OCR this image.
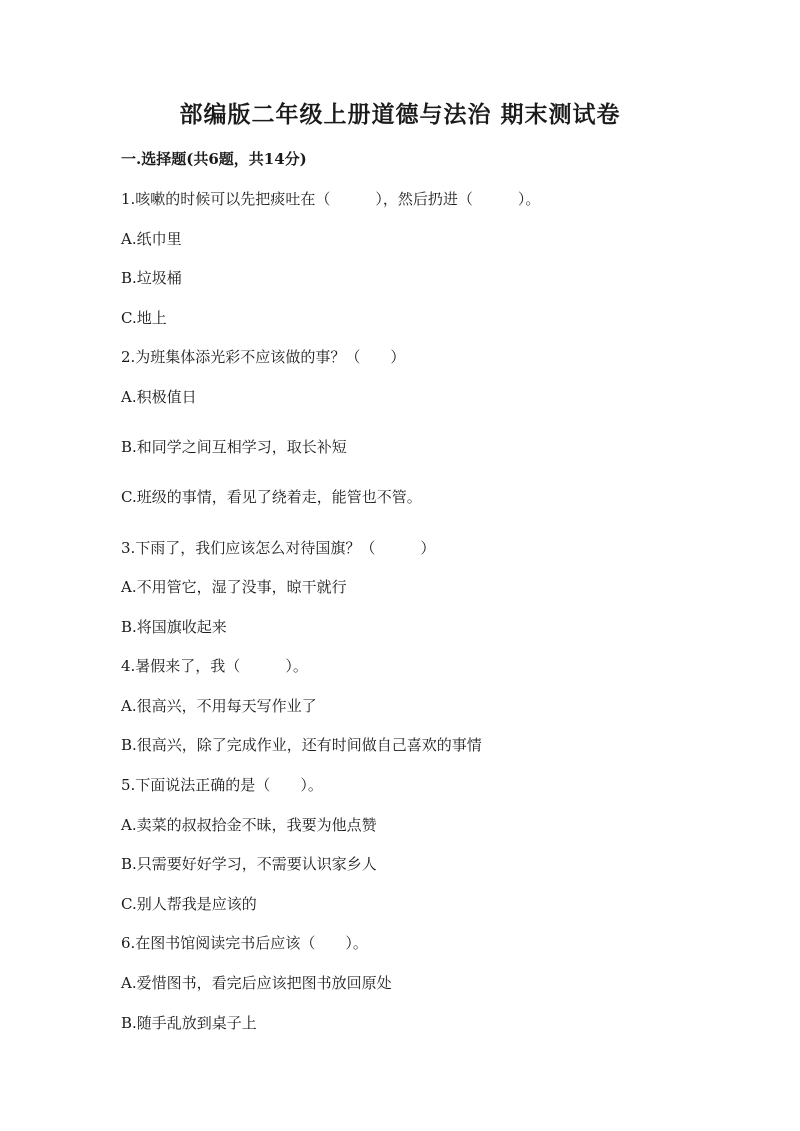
部编版二年级上册道德与法治 期末测试卷
一.选择题(共6题，共14分)
1.咳嗽的时候可以先把痰吐在（　　　），然后扔进（　　　）。
A.纸巾里
B.垃圾桶
C.地上
2.为班集体添光彩不应该做的事？（　　）
A.积极值日
B.和同学之间互相学习，取长补短
C.班级的事情，看见了绕着走，能管也不管。
3.下雨了，我们应该怎么对待国旗？（　　　）
A.不用管它，湿了没事，晾干就行
B.将国旗收起来
4.暑假来了，我（　　　）。
A.很高兴，不用每天写作业了
B.很高兴，除了完成作业，还有时间做自己喜欢的事情
5.下面说法正确的是（　　）。
A.卖菜的叔叔拾金不昧，我要为他点赞
B.只需要好好学习，不需要认识家乡人
C.别人帮我是应该的
6.在图书馆阅读完书后应该（　　）。
A.爱惜图书，看完后应该把图书放回原处
B.随手乱放到桌子上
